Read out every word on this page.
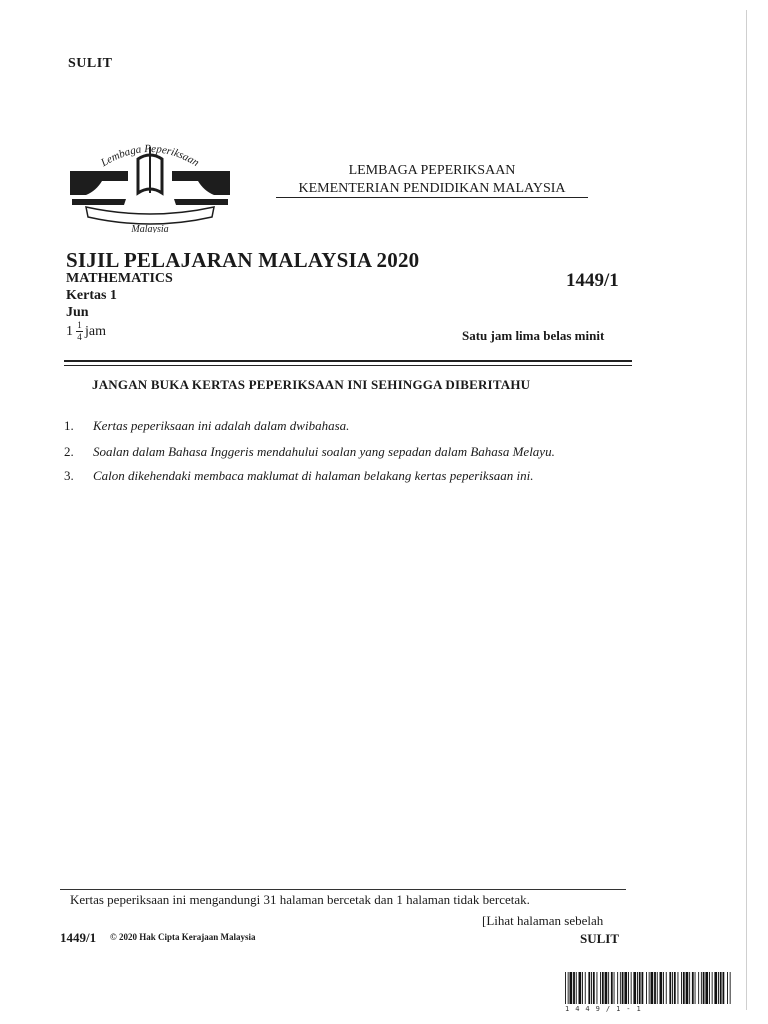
SULIT
Lembaga Peperiksaan
Malaysia
LEMBAGA PEPERIKSAAN
KEMENTERIAN PENDIDIKAN MALAYSIA
SIJIL PELAJARAN MALAYSIA 2020
MATHEMATICS
Kertas 1
Jun
$1 \frac{1}{4}$ jam
1449/1
Satu jam lima belas minit
JANGAN BUKA KERTAS PEPERIKSAAN INI SEHINGGA DIBERITAHU
1. Kertas peperiksaan ini adalah dalam dwibahasa.
2. Soalan dalam Bahasa Inggeris mendahului soalan yang sepadan dalam Bahasa Melayu.
3. Calon dikehendaki membaca maklumat di halaman belakang kertas peperiksaan ini.
Kertas peperiksaan ini mengandungi 31 halaman bercetak dan 1 halaman tidak bercetak.
[Lihat halaman sebelah
1449/1 © 2020 Hak Cipta Kerajaan Malaysia	SULIT
1449/1-1
